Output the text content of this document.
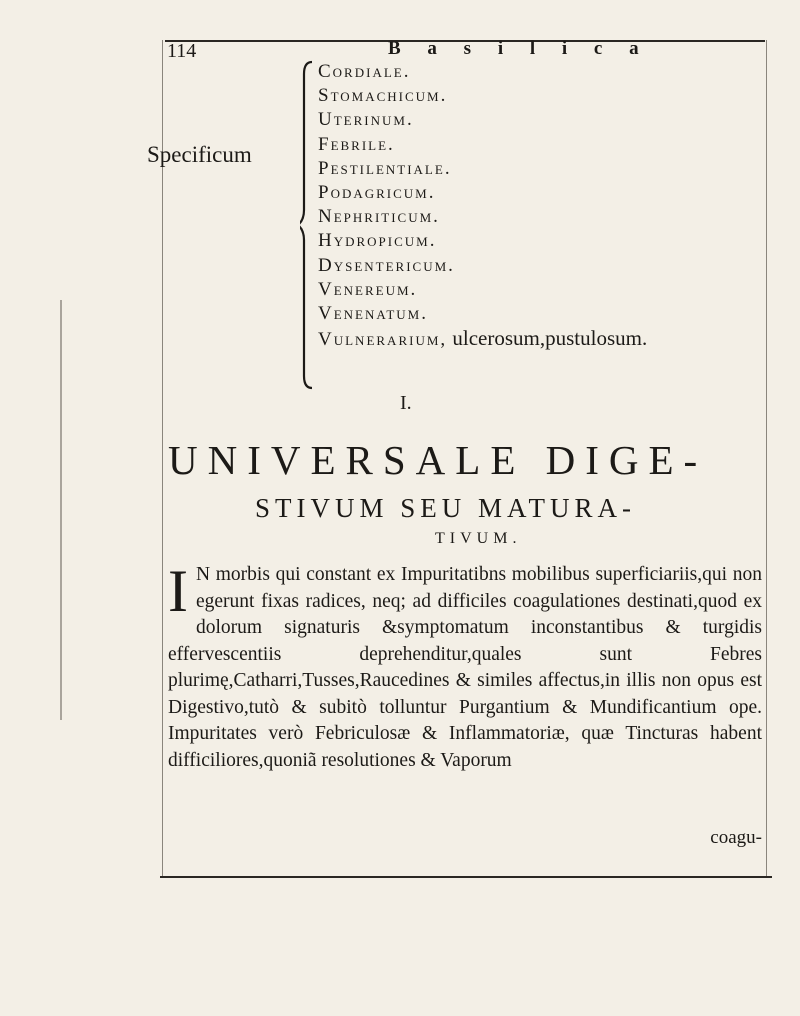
114	B a s i l i c a
Specificum
Cordiale.
Stomachicum.
Uterinum.
Febrile.
Pestilentiale.
Podagricum.
Nephriticum.
Hydropicum.
Dysentericum.
Venereum.
Venenatum.
Vulnerarium, ulcerosum,pustulosum.
I.
UNIVERSALE DIGE-
STIVUM SEU MATURA-
TIVUM.

I N morbis qui constant ex Impuritatibns mobilibus superficiariis,qui non egerunt fixas radices, neq; ad difficiles coagulationes destinati,quod ex dolorum signaturis &symptomatum inconstantibus & turgidis effervescentiis deprehenditur,quales sunt Febres plurimę,Catharri,Tusses,Raucedines & similes affectus,in illis non opus est Digestivo,tutò & subitò tolluntur Purgantium & Mundificantium ope. Impuritates verò Febriculosæ & Inflammatoriæ, quæ Tincturas habent difficiliores,quoniã resolutiones & Vaporum

coagu-
